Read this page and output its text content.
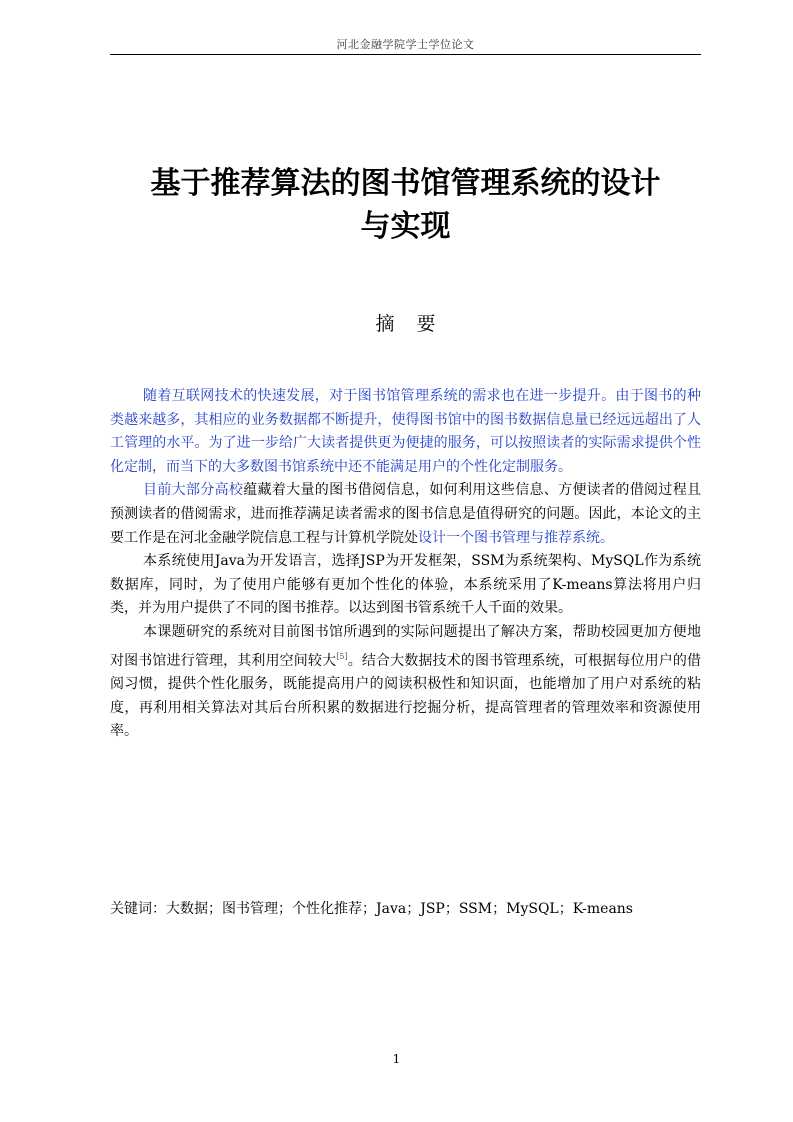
河北金融学院学士学位论文
基于推荐算法的图书馆管理系统的设计
与实现
摘要

随着互联网技术的快速发展，对于图书馆管理系统的需求也在进一步提升。由于图书的种类越来越多，其相应的业务数据都不断提升，使得图书馆中的图书数据信息量已经远远超出了人工管理的水平。为了进一步给广大读者提供更为便捷的服务，可以按照读者的实际需求提供个性化定制，而当下的大多数图书馆系统中还不能满足用户的个性化定制服务。

目前大部分高校蕴藏着大量的图书借阅信息，如何利用这些信息、方便读者的借阅过程且预测读者的借阅需求，进而推荐满足读者需求的图书信息是值得研究的问题。因此，本论文的主要工作是在河北金融学院信息工程与计算机学院处设计一个图书管理与推荐系统。

本系统使用Java为开发语言，选择JSP为开发框架，SSM为系统架构、MySQL作为系统数据库，同时，为了使用户能够有更加个性化的体验，本系统采用了K-means算法将用户归类，并为用户提供了不同的图书推荐。以达到图书管系统千人千面的效果。

本课题研究的系统对目前图书馆所遇到的实际问题提出了解决方案，帮助校园更加方便地对图书馆进行管理，其利用空间较大[5]。结合大数据技术的图书管理系统，可根据每位用户的借阅习惯，提供个性化服务，既能提高用户的阅读积极性和知识面，也能增加了用户对系统的粘度，再利用相关算法对其后台所积累的数据进行挖掘分析，提高管理者的管理效率和资源使用率。

关键词：大数据；图书管理；个性化推荐；Java；JSP；SSM；MySQL；K-means
1
